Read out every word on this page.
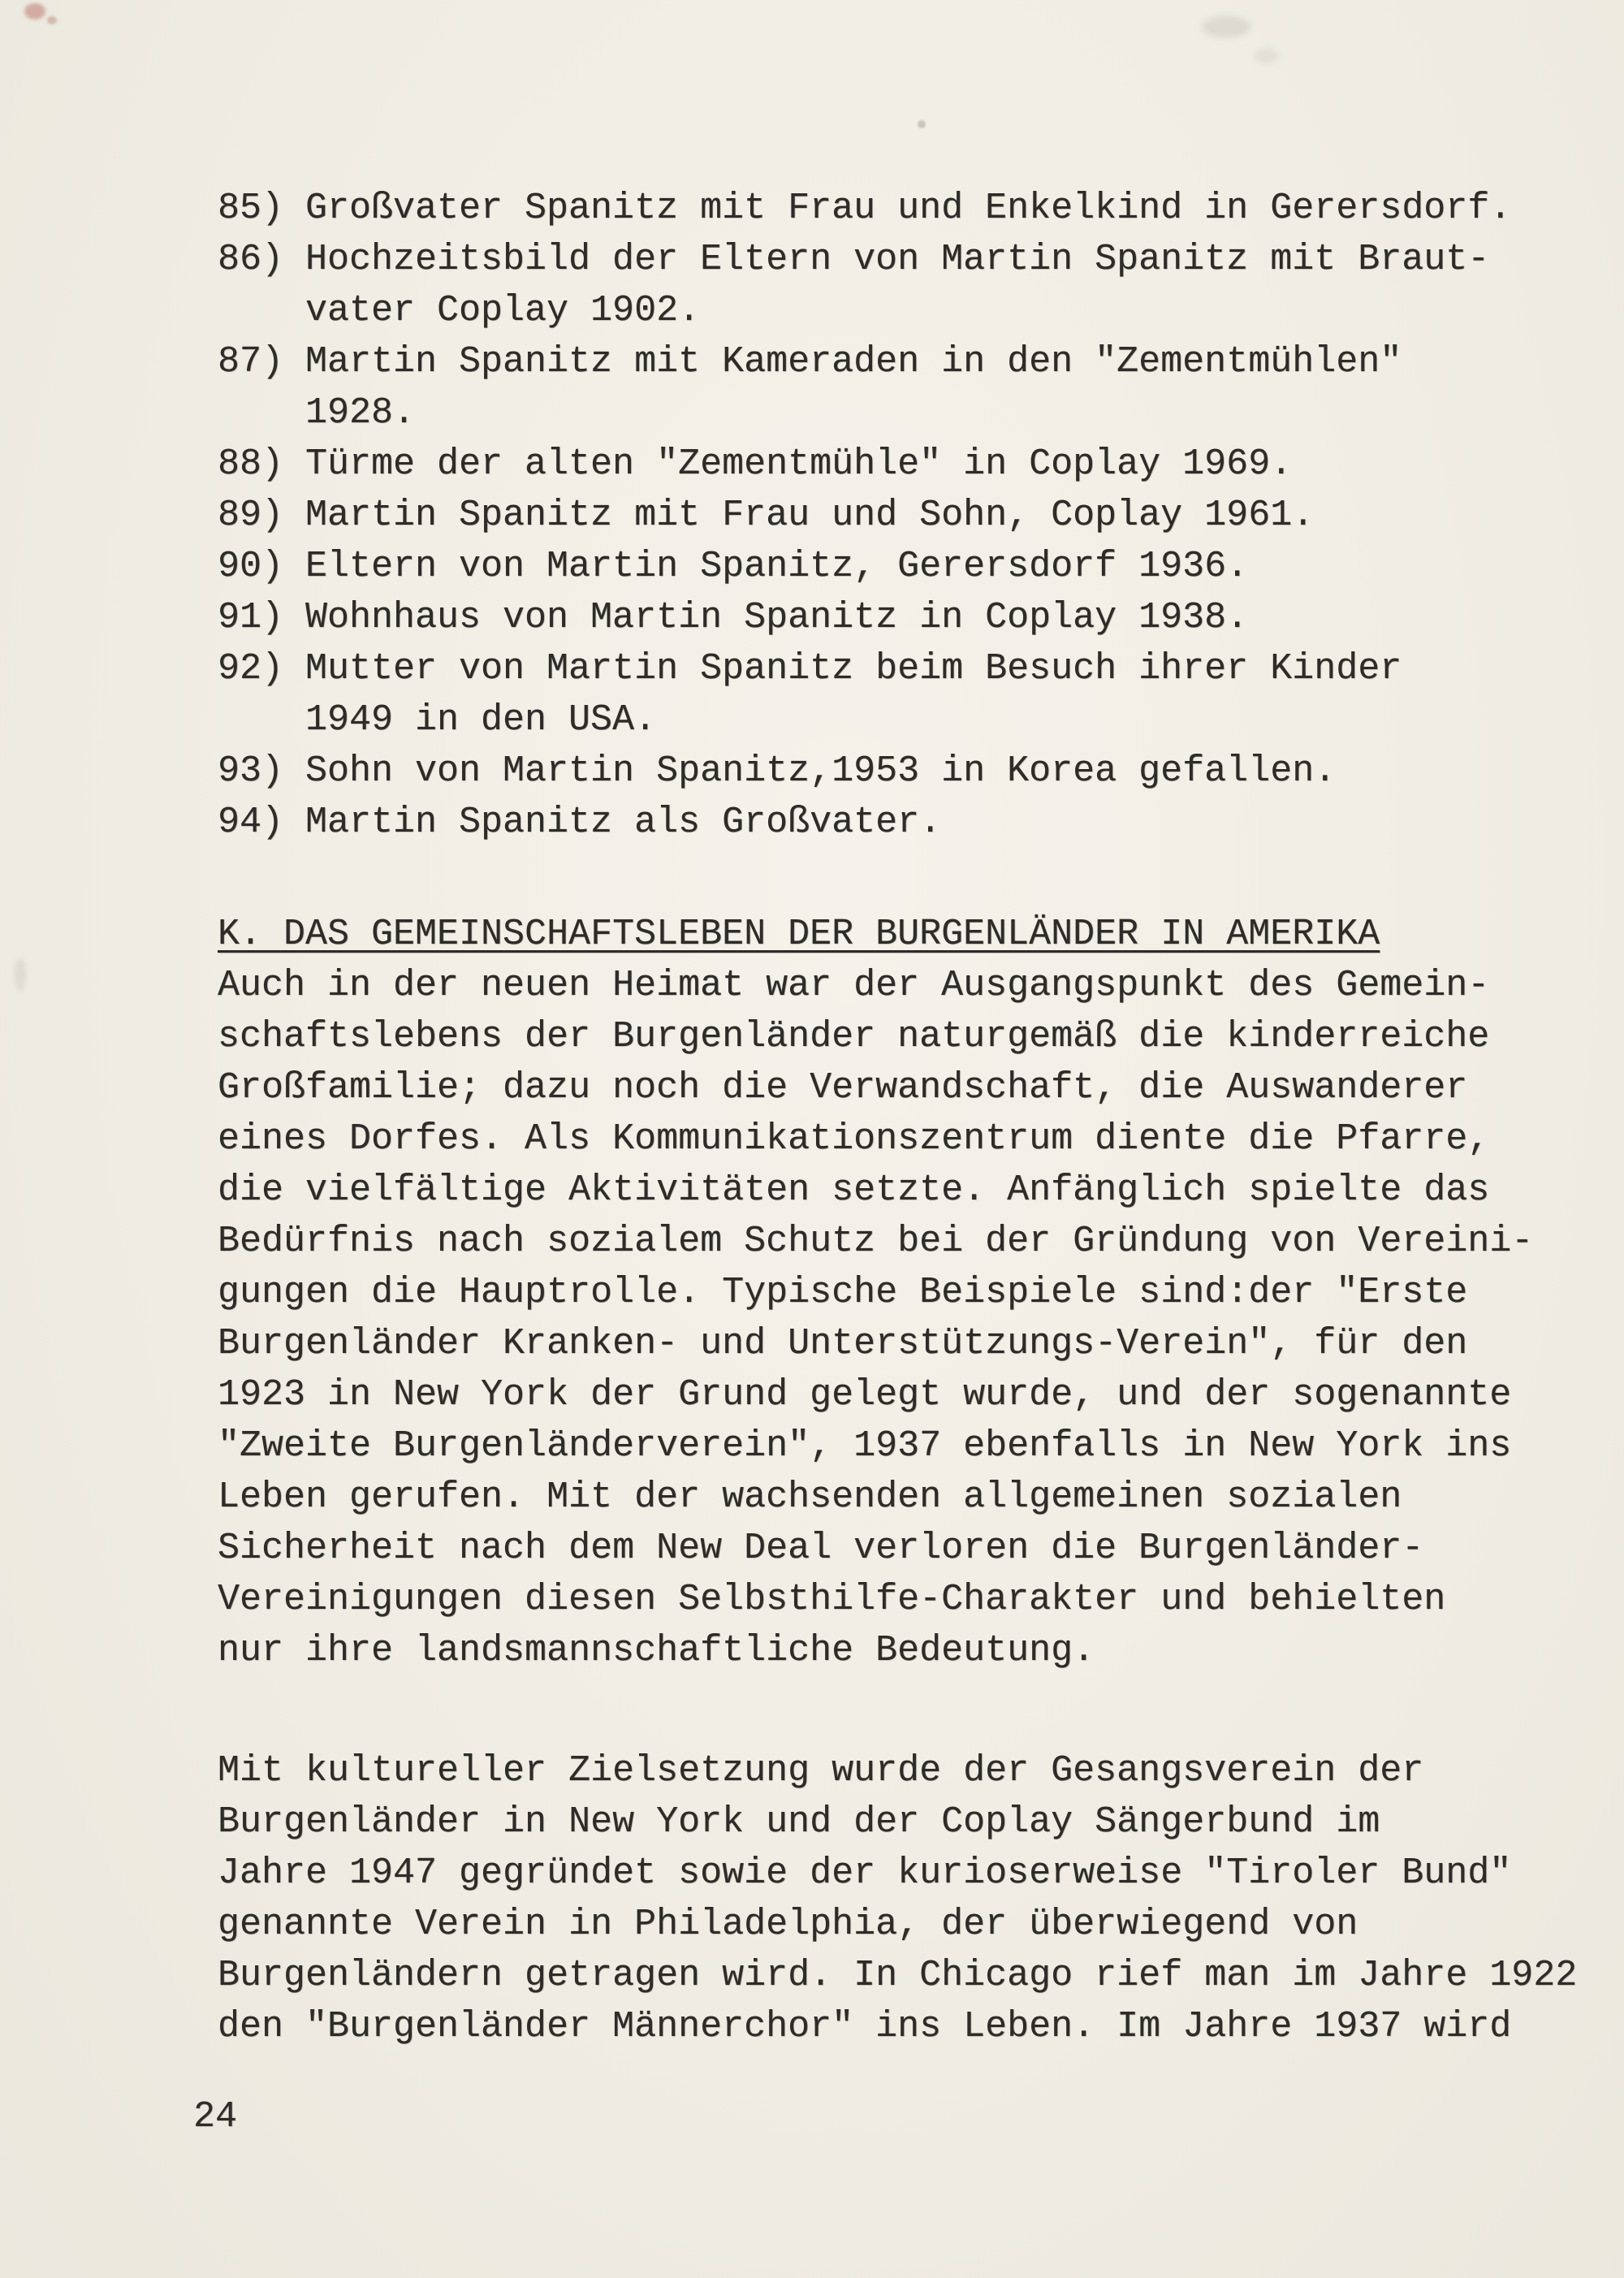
85) Großvater Spanitz mit Frau und Enkelkind in Gerersdorf.
86) Hochzeitsbild der Eltern von Martin Spanitz mit Braut-
vater Coplay 1902.
87) Martin Spanitz mit Kameraden in den "Zementmühlen"
1928.
88) Türme der alten "Zementmühle" in Coplay 1969.
89) Martin Spanitz mit Frau und Sohn, Coplay 1961.
90) Eltern von Martin Spanitz, Gerersdorf 1936.
91) Wohnhaus von Martin Spanitz in Coplay 1938.
92) Mutter von Martin Spanitz beim Besuch ihrer Kinder
1949 in den USA.
93) Sohn von Martin Spanitz,1953 in Korea gefallen.
94) Martin Spanitz als Großvater.
K. DAS GEMEINSCHAFTSLEBEN DER BURGENLÄNDER IN AMERIKA
Auch in der neuen Heimat war der Ausgangspunkt des Gemein-
schaftslebens der Burgenländer naturgemäß die kinderreiche
Großfamilie; dazu noch die Verwandschaft, die Auswanderer
eines Dorfes. Als Kommunikationszentrum diente die Pfarre,
die vielfältige Aktivitäten setzte. Anfänglich spielte das
Bedürfnis nach sozialem Schutz bei der Gründung von Vereini-
gungen die Hauptrolle. Typische Beispiele sind:der "Erste
Burgenländer Kranken- und Unterstützungs-Verein", für den
1923 in New York der Grund gelegt wurde, und der sogenannte
"Zweite Burgenländerverein", 1937 ebenfalls in New York ins
Leben gerufen. Mit der wachsenden allgemeinen sozialen
Sicherheit nach dem New Deal verloren die Burgenländer-
Vereinigungen diesen Selbsthilfe-Charakter und behielten
nur ihre landsmannschaftliche Bedeutung.
Mit kultureller Zielsetzung wurde der Gesangsverein der
Burgenländer in New York und der Coplay Sängerbund im
Jahre 1947 gegründet sowie der kurioserweise "Tiroler Bund"
genannte Verein in Philadelphia, der überwiegend von
Burgenländern getragen wird. In Chicago rief man im Jahre 1922
den "Burgenländer Männerchor" ins Leben. Im Jahre 1937 wird
24
